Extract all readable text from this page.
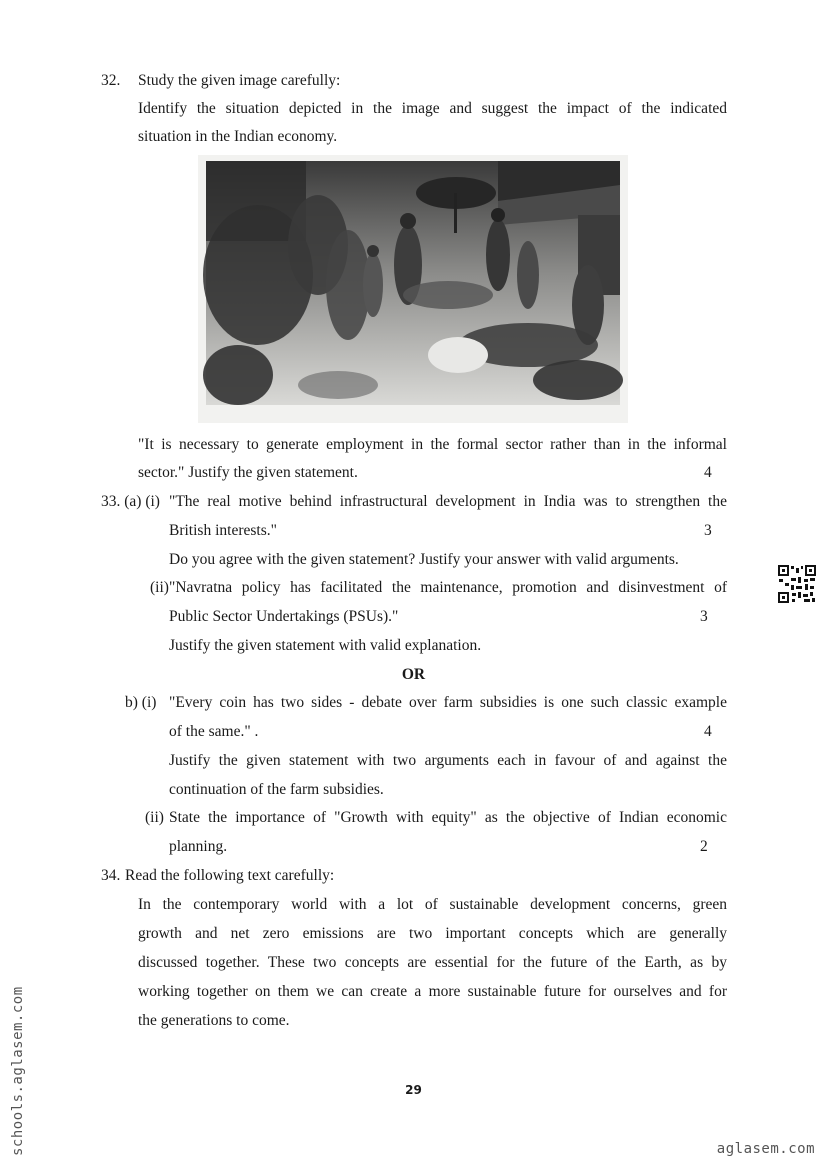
32. Study the given image carefully:
Identify the situation depicted in the image and suggest the impact of the indicated
situation in the Indian economy.
"It is necessary to generate employment in the formal sector rather than in the informal
sector." Justify the given statement.	4
33. (a) (i) "The real motive behind infrastructural development in India was to strengthen the
British interests."	3
Do you agree with the given statement? Justify your answer with valid arguments.
(ii) "Navratna policy has facilitated the maintenance, promotion and disinvestment of
Public Sector Undertakings (PSUs)."	3
Justify the given statement with valid explanation.
OR
b) (i) "Every coin has two sides - debate over farm subsidies is one such classic example
of the same." .	4
Justify the given statement with two arguments each in favour of and against the
continuation of the farm subsidies.
(ii) State the importance of "Growth with equity" as the objective of Indian economic
planning.	2
34. Read the following text carefully:
In the contemporary world with a lot of sustainable development concerns, green
growth and net zero emissions are two important concepts which are generally
discussed together. These two concepts are essential for the future of the Earth, as by
working together on them we can create a more sustainable future for ourselves and for
the generations to come.
29
schools.aglasem.com	aglasem.com
